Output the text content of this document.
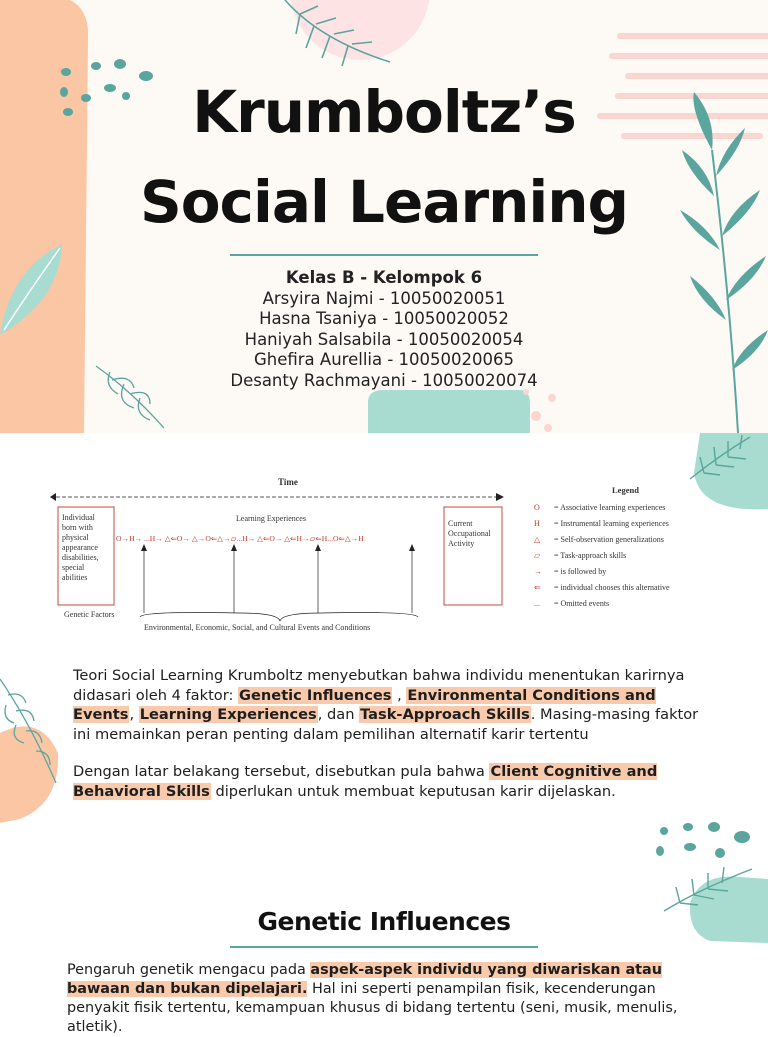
Krumboltz’s
Social Learning
Kelas B - Kelompok 6
Arsyira Najmi - 10050020051
Hasna Tsaniya - 10050020052
Haniyah Salsabila - 10050020054
Ghefira Aurellia - 10050020065
Desanty Rachmayani - 10050020074
Time
Individual born with physical appearance disabilities, special abilities
Current Occupational Activity
Learning Experiences
O→H→ ...H→ △⇐O→ △→O⇐△→▱...H→ △⇐O→ △⇐H→▱⇐H...O⇐△→H
Genetic Factors
Environmental, Economic, Social, and Cultural Events and Conditions
Legend
O = Associative learning experiences
H = Instrumental learning experiences
△ = Self-observation generalizations
▱ = Task-approach skills
→ = is followed by
⇐ = individual chooses this alternative
... = Omitted events
Teori Social Learning Krumboltz menyebutkan bahwa individu menentukan karirnya didasari oleh 4 faktor: Genetic Influences , Environmental Conditions and Events, Learning Experiences, dan Task-Approach Skills. Masing-masing faktor ini memainkan peran penting dalam pemilihan alternatif karir tertentu
Dengan latar belakang tersebut, disebutkan pula bahwa Client Cognitive and Behavioral Skills diperlukan untuk membuat keputusan karir dijelaskan.
Genetic Influences
Pengaruh genetik mengacu pada aspek-aspek individu yang diwariskan atau bawaan dan bukan dipelajari. Hal ini seperti penampilan fisik, kecenderungan penyakit fisik tertentu, kemampuan khusus di bidang tertentu (seni, musik, menulis, atletik).
